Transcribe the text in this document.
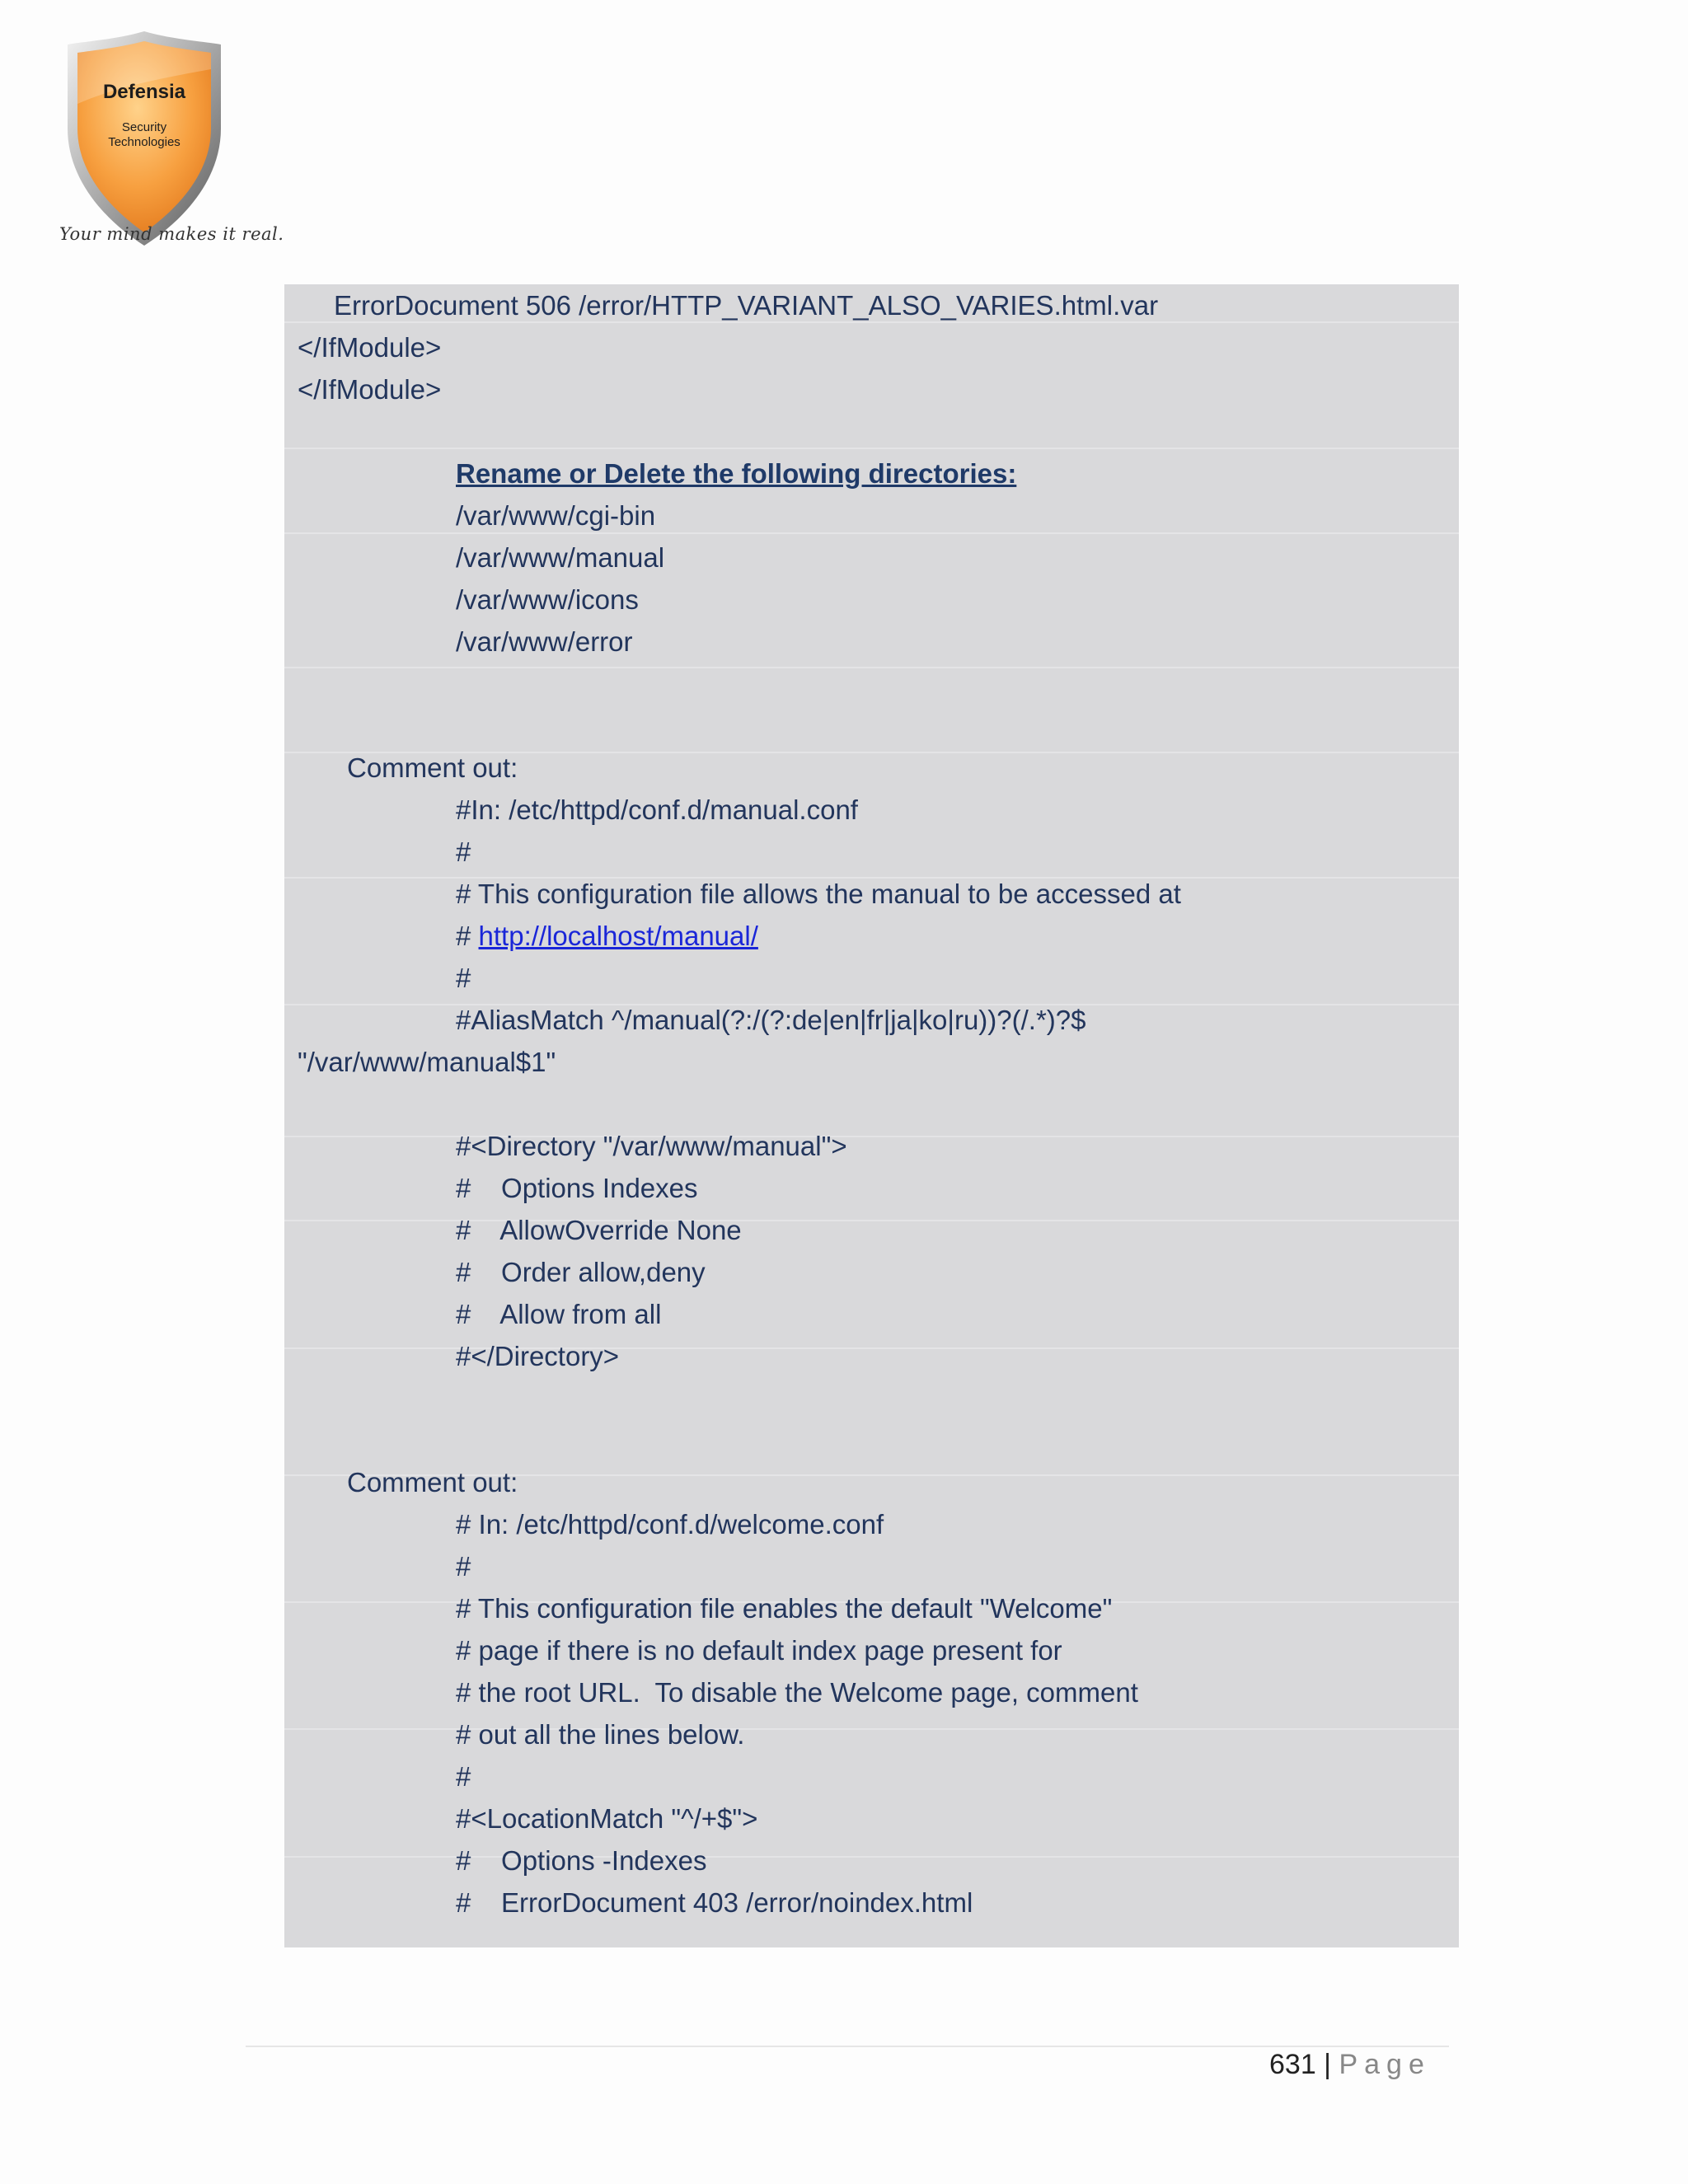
Defensia
Security
Technologies
Your mind makes it real.
ErrorDocument 506 /error/HTTP_VARIANT_ALSO_VARIES.html.var
</IfModule>
</IfModule>
Rename or Delete the following directories:
/var/www/cgi-bin
/var/www/manual
/var/www/icons
/var/www/error
Comment out:
#In: /etc/httpd/conf.d/manual.conf
#
# This configuration file allows the manual to be accessed at
# http://localhost/manual/
#
#AliasMatch ^/manual(?:/(?:de|en|fr|ja|ko|ru))?(/.*)?$
"/var/www/manual$1"
#<Directory "/var/www/manual">
#    Options Indexes
#    AllowOverride None
#    Order allow,deny
#    Allow from all
#</Directory>
Comment out:
# In: /etc/httpd/conf.d/welcome.conf
#
# This configuration file enables the default "Welcome"
# page if there is no default index page present for
# the root URL.  To disable the Welcome page, comment
# out all the lines below.
#
#<LocationMatch "^/+$">
#    Options -Indexes
#    ErrorDocument 403 /error/noindex.html
631 | Page
